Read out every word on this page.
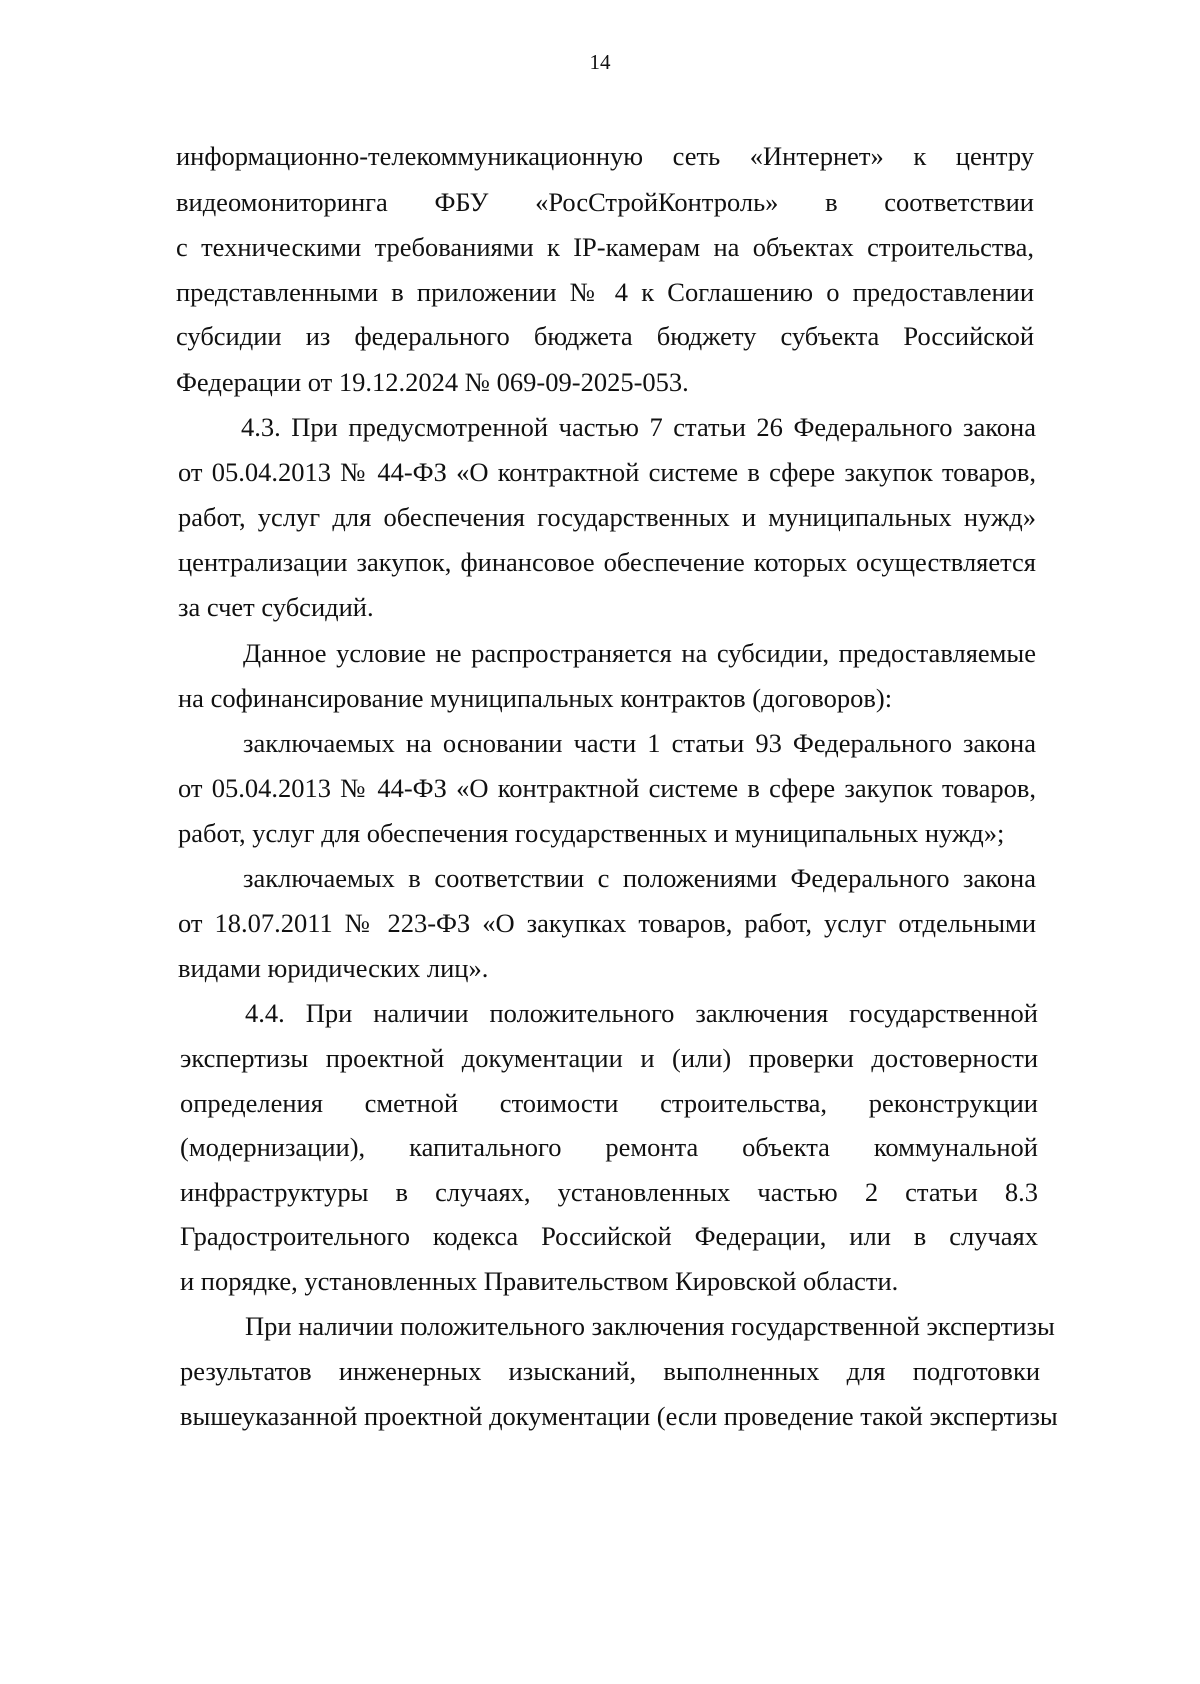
14
информационно-телекоммуникационную сеть «Интернет» к центру
видеомониторинга ФБУ «РосСтройКонтроль» в соответствии
с техническими требованиями к IP-камерам на объектах строительства,
представленными в приложении № 4 к Соглашению о предоставлении
субсидии из федерального бюджета бюджету субъекта Российской
Федерации от 19.12.2024 № 069-09-2025-053.
4.3. При предусмотренной частью 7 статьи 26 Федерального закона
от 05.04.2013 № 44-ФЗ «О контрактной системе в сфере закупок товаров,
работ, услуг для обеспечения государственных и муниципальных нужд»
централизации закупок, финансовое обеспечение которых осуществляется
за счет субсидий.
Данное условие не распространяется на субсидии, предоставляемые
на софинансирование муниципальных контрактов (договоров):
заключаемых на основании части 1 статьи 93 Федерального закона
от 05.04.2013 № 44-ФЗ «О контрактной системе в сфере закупок товаров,
работ, услуг для обеспечения государственных и муниципальных нужд»;
заключаемых в соответствии с положениями Федерального закона
от 18.07.2011 № 223-ФЗ «О закупках товаров, работ, услуг отдельными
видами юридических лиц».
4.4. При наличии положительного заключения государственной
экспертизы проектной документации и (или) проверки достоверности
определения сметной стоимости строительства, реконструкции
(модернизации), капитального ремонта объекта коммунальной
инфраструктуры в случаях, установленных частью 2 статьи 8.3
Градостроительного кодекса Российской Федерации, или в случаях
и порядке, установленных Правительством Кировской области.
При наличии положительного заключения государственной экспертизы
результатов инженерных изысканий, выполненных для подготовки
вышеуказанной проектной документации (если проведение такой экспертизы
